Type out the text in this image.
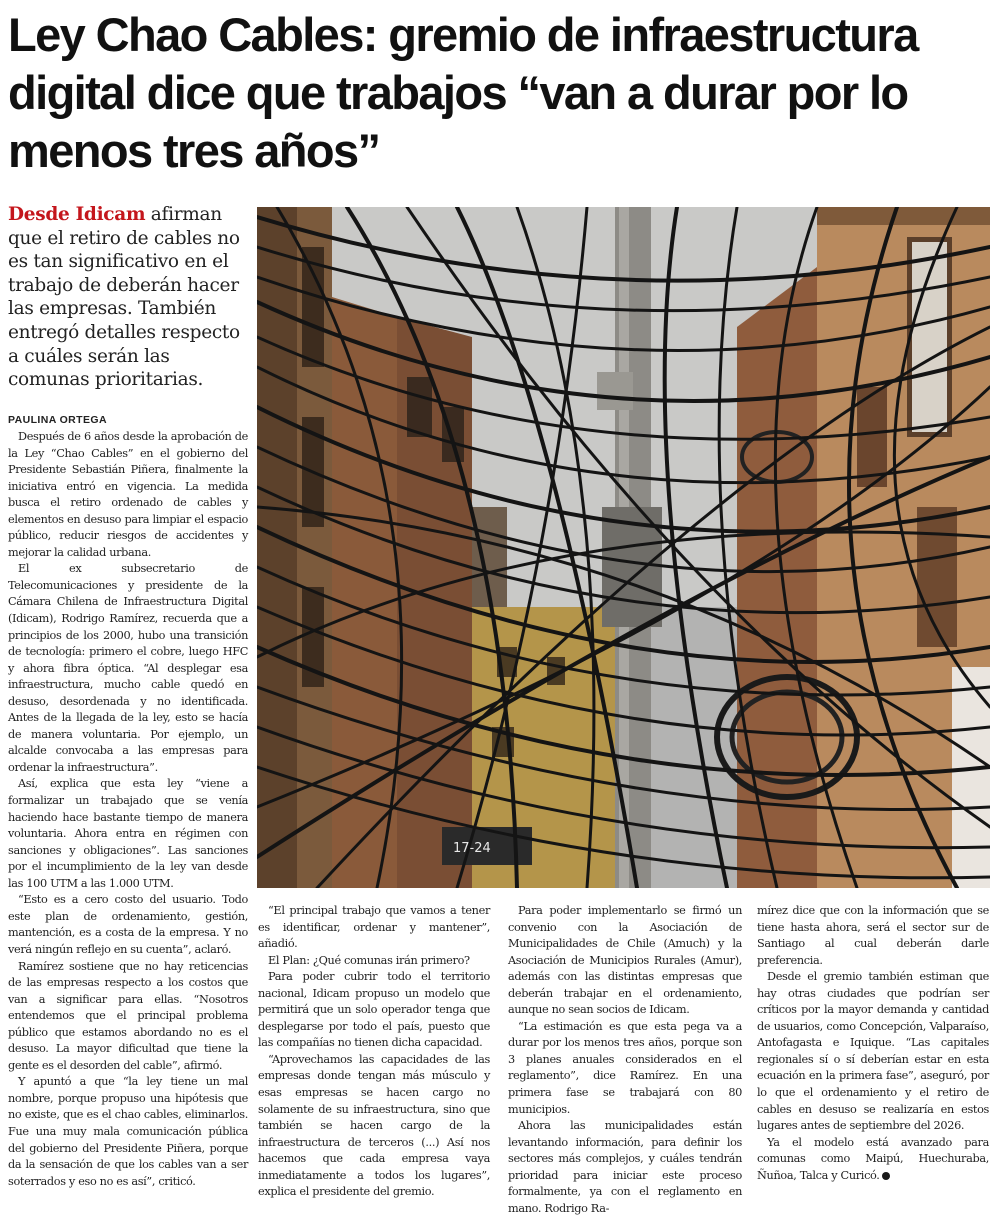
Ley Chao Cables: gremio de infraestructura digital dice que trabajos “van a durar por lo menos tres años”

Desde Idicam afirman que el retiro de cables no es tan significativo en el trabajo de deberán hacer las empresas. También entregó detalles respecto a cuáles serán las comunas prioritarias.

PAULINA ORTEGA

Después de 6 años desde la aprobación de la Ley “Chao Cables” en el gobierno del Presidente Sebastián Piñera, finalmente la iniciativa entró en vigencia. La medida busca el retiro ordenado de cables y elementos en desuso para limpiar el espacio público, reducir riesgos de accidentes y mejorar la calidad urbana.

El ex subsecretario de Telecomunicaciones y presidente de la Cámara Chilena de Infraestructura Digital (Idicam), Rodrigo Ramírez, recuerda que a principios de los 2000, hubo una transición de tecnología: primero el cobre, luego HFC y ahora fibra óptica. “Al desplegar esa infraestructura, mucho cable quedó en desuso, desordenada y no identificada. Antes de la llegada de la ley, esto se hacía de manera voluntaria. Por ejemplo, un alcalde convocaba a las empresas para ordenar la infraestructura”.

Así, explica que esta ley “viene a formalizar un trabajado que se venía haciendo hace bastante tiempo de manera voluntaria. Ahora entra en régimen con sanciones y obligaciones”. Las sanciones por el incumplimiento de la ley van desde las 100 UTM a las 1.000 UTM.

“Esto es a cero costo del usuario. Todo este plan de ordenamiento, gestión, mantención, es a costa de la empresa. Y no verá ningún reflejo en su cuenta”, aclaró.

Ramírez sostiene que no hay reticencias de las empresas respecto a los costos que van a significar para ellas. “Nosotros entendemos que el principal problema público que estamos abordando no es el desuso. La mayor dificultad que tiene la gente es el desorden del cable”, afirmó.

Y apuntó a que “la ley tiene un mal nombre, porque propuso una hipótesis que no existe, que es el chao cables, eliminarlos. Fue una muy mala comunicación pública del gobierno del Presidente Piñera, porque da la sensación de que los cables van a ser soterrados y eso no es así”, criticó.

17-24

“El principal trabajo que vamos a tener es identificar, ordenar y mantener”, añadió.

El Plan: ¿Qué comunas irán primero?

Para poder cubrir todo el territorio nacional, Idicam propuso un modelo que permitirá que un solo operador tenga que desplegarse por todo el país, puesto que las compañías no tienen dicha capacidad.

“Aprovechamos las capacidades de las empresas donde tengan más músculo y esas empresas se hacen cargo no solamente de su infraestructura, sino que también se hacen cargo de la infraestructura de terceros (...) Así nos hacemos que cada empresa vaya inmediatamente a todos los lugares”, explica el presidente del gremio.

Para poder implementarlo se firmó un convenio con la Asociación de Municipalidades de Chile (Amuch) y la Asociación de Municipios Rurales (Amur), además con las distintas empresas que deberán trabajar en el ordenamiento, aunque no sean socios de Idicam.

“La estimación es que esta pega va a durar por los menos tres años, porque son 3 planes anuales considerados en el reglamento”, dice Ramírez. En una primera fase se trabajará con 80 municipios.

Ahora las municipalidades están levantando información, para definir los sectores más complejos, y cuáles tendrán prioridad para iniciar este proceso formalmente, ya con el reglamento en mano. Rodrigo Ra-

mírez dice que con la información que se tiene hasta ahora, será el sector sur de Santiago al cual deberán darle preferencia.

Desde el gremio también estiman que hay otras ciudades que podrían ser críticos por la mayor demanda y cantidad de usuarios, como Concepción, Valparaíso, Antofagasta e Iquique. “Las capitales regionales sí o sí deberían estar en esta ecuación en la primera fase”, aseguró, por lo que el ordenamiento y el retiro de cables en desuso se realizaría en estos lugares antes de septiembre del 2026.

Ya el modelo está avanzado para comunas como Maipú, Huechuraba, Ñuñoa, Talca y Curicó.
